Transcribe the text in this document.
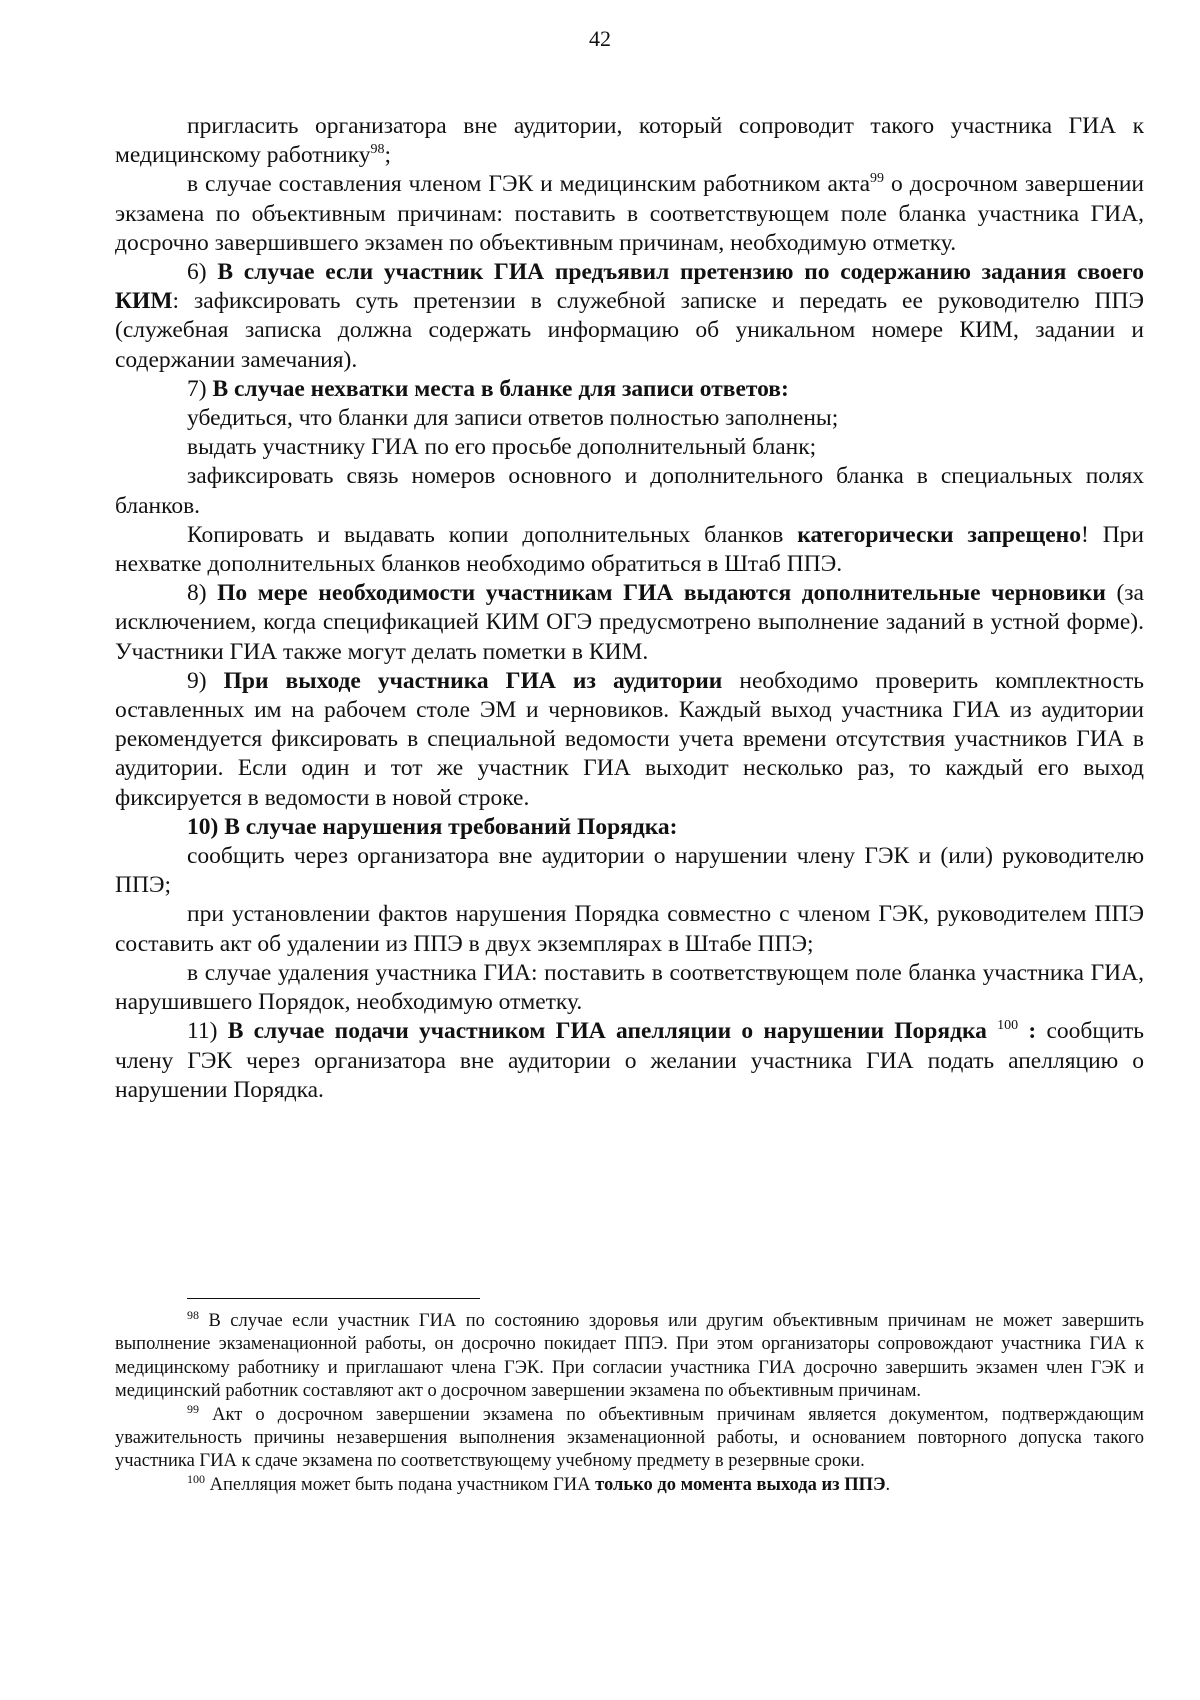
42

пригласить организатора вне аудитории, который сопроводит такого участника ГИА к медицинскому работнику$^{98}$;

в случае составления членом ГЭК и медицинским работником акта$^{99}$ о досрочном завершении экзамена по объективным причинам: поставить в соответствующем поле бланка участника ГИА, досрочно завершившего экзамен по объективным причинам, необходимую отметку.

6) В случае если участник ГИА предъявил претензию по содержанию задания своего КИМ: зафиксировать суть претензии в служебной записке и передать ее руководителю ППЭ (служебная записка должна содержать информацию об уникальном номере КИМ, задании и содержании замечания).

7) В случае нехватки места в бланке для записи ответов:

убедиться, что бланки для записи ответов полностью заполнены;

выдать участнику ГИА по его просьбе дополнительный бланк;

зафиксировать связь номеров основного и дополнительного бланка в специальных полях бланков.

Копировать и выдавать копии дополнительных бланков категорически запрещено! При нехватке дополнительных бланков необходимо обратиться в Штаб ППЭ.

8) По мере необходимости участникам ГИА выдаются дополнительные черновики (за исключением, когда спецификацией КИМ ОГЭ предусмотрено выполнение заданий в устной форме). Участники ГИА также могут делать пометки в КИМ.

9) При выходе участника ГИА из аудитории необходимо проверить комплектность оставленных им на рабочем столе ЭМ и черновиков. Каждый выход участника ГИА из аудитории рекомендуется фиксировать в специальной ведомости учета времени отсутствия участников ГИА в аудитории. Если один и тот же участник ГИА выходит несколько раз, то каждый его выход фиксируется в ведомости в новой строке.

10) В случае нарушения требований Порядка:

сообщить через организатора вне аудитории о нарушении члену ГЭК и (или) руководителю ППЭ;

при установлении фактов нарушения Порядка совместно с членом ГЭК, руководителем ППЭ составить акт об удалении из ППЭ в двух экземплярах в Штабе ППЭ;

в случае удаления участника ГИА: поставить в соответствующем поле бланка участника ГИА, нарушившего Порядок, необходимую отметку.

11) В случае подачи участником ГИА апелляции о нарушении Порядка $^{100}$ : сообщить члену ГЭК через организатора вне аудитории о желании участника ГИА подать апелляцию о нарушении Порядка.

$^{98}$ В случае если участник ГИА по состоянию здоровья или другим объективным причинам не может завершить выполнение экзаменационной работы, он досрочно покидает ППЭ. При этом организаторы сопровождают участника ГИА к медицинскому работнику и приглашают члена ГЭК. При согласии участника ГИА досрочно завершить экзамен член ГЭК и медицинский работник составляют акт о досрочном завершении экзамена по объективным причинам.

$^{99}$ Акт о досрочном завершении экзамена по объективным причинам является документом, подтверждающим уважительность причины незавершения выполнения экзаменационной работы, и основанием повторного допуска такого участника ГИА к сдаче экзамена по соответствующему учебному предмету в резервные сроки.

$^{100}$ Апелляция может быть подана участником ГИА только до момента выхода из ППЭ.
